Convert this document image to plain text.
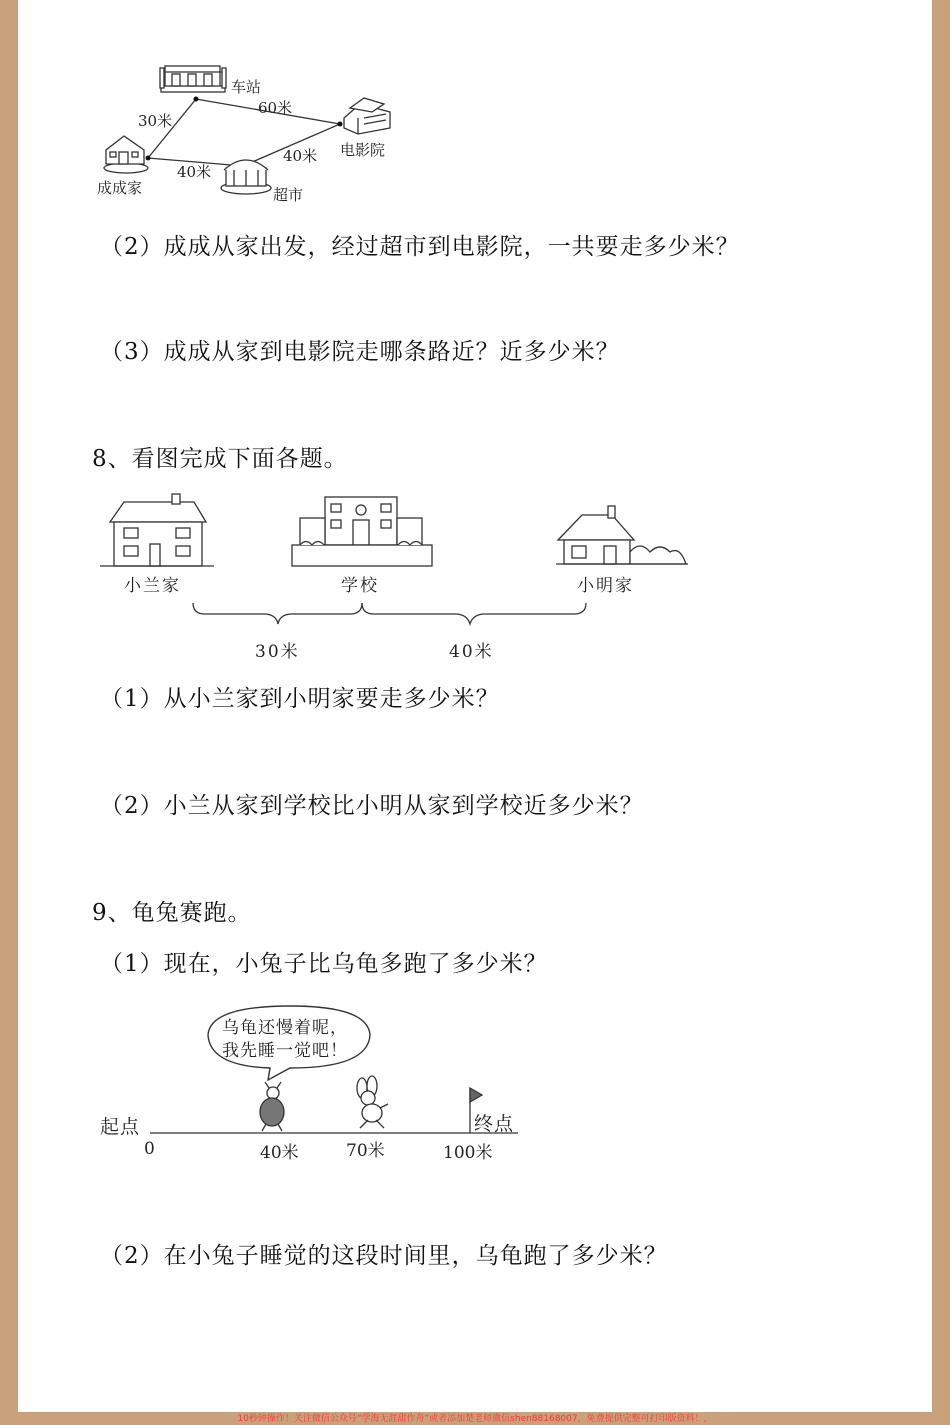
车站
60米
30米
电影院
40米
40米
成成家	超市
（2）成成从家出发，经过超市到电影院，一共要走多少米？
（3）成成从家到电影院走哪条路近？近多少米？
8、看图完成下面各题。
小兰家	学校	小明家
30米	40米
（1）从小兰家到小明家要走多少米？
（2）小兰从家到学校比小明从家到学校近多少米？
9、龟兔赛跑。
（1）现在，小兔子比乌龟多跑了多少米？
乌龟还慢着呢，
我先睡一觉吧！
起点	终点
0	40米	70米	100米
（2）在小兔子睡觉的这段时间里，乌龟跑了多少米？
10秒钟操作！关注微信公众号“学海无涯甜作舟”或者添加楚老师微信shen88168007，免费提供完整可打印版资料！，
